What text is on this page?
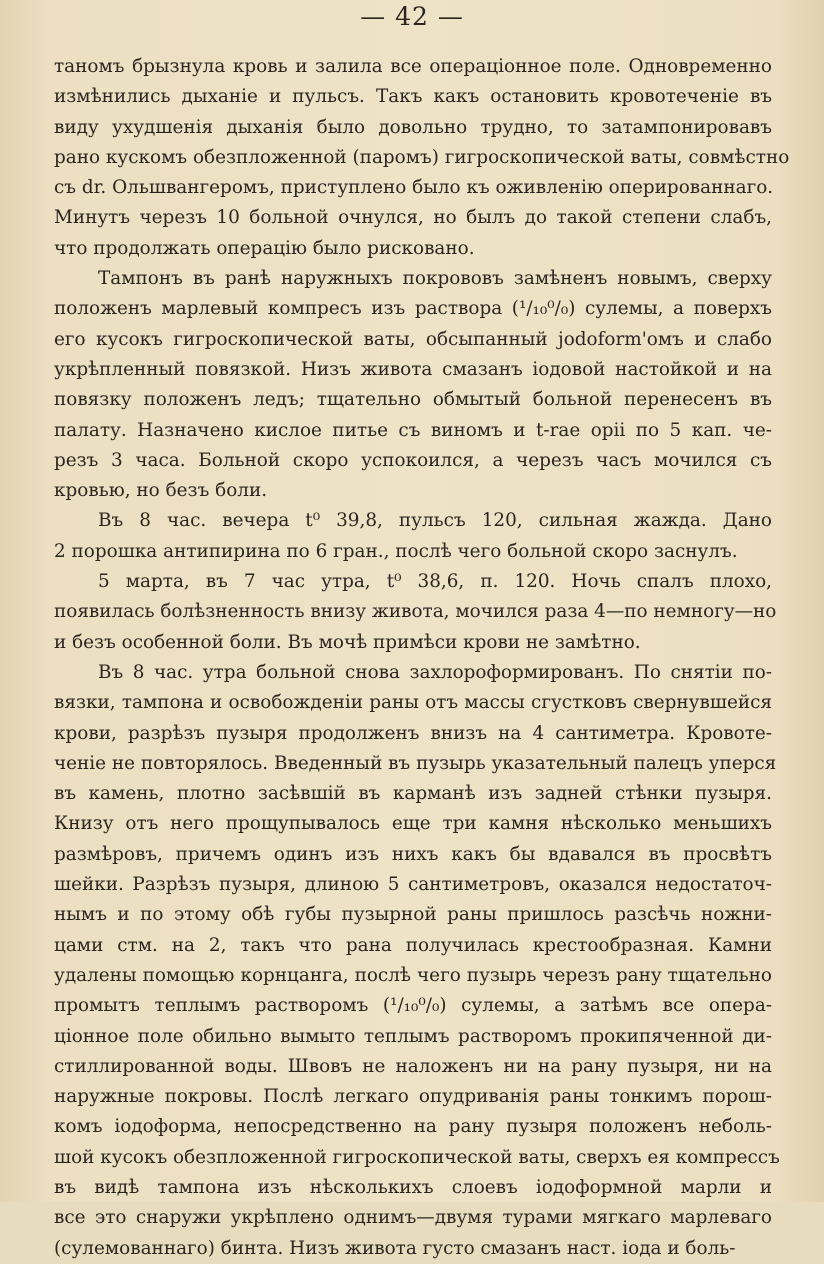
— 42 —
таномъ брызнула кровь и залила все операціонное поле. Одновременно
измѣнились дыханіе и пульсъ. Такъ какъ остановить кровотеченіе въ
виду ухудшенія дыханія было довольно трудно, то затампонировавъ
рано кускомъ обезпложенной (паромъ) гигроскопической ваты, совмѣстно
съ dr. Ольшвангеромъ, приступлено было къ оживленію оперированнаго.
Минутъ черезъ 10 больной очнулся, но былъ до такой степени слабъ,
что продолжать операцію было рисковано.
Тампонъ въ ранѣ наружныхъ покрововъ замѣненъ новымъ, сверху
положенъ марлевый компресъ изъ раствора (¹/₁₀⁰/₀) сулемы, а поверхъ
его кусокъ гигроскопической ваты, обсыпанный jodoform'омъ и слабо
укрѣпленный повязкой. Низъ живота смазанъ іодовой настойкой и на
повязку положенъ ледъ; тщательно обмытый больной перенесенъ въ
палату. Назначено кислое питье съ виномъ и t-rae opii по 5 кап. че-
резъ 3 часа. Больной скоро успокоился, а черезъ часъ мочился съ
кровью, но безъ боли.
Въ 8 час. вечера t⁰ 39,8, пульсъ 120, сильная жажда. Дано
2 порошка антипирина по 6 гран., послѣ чего больной скоро заснулъ.
5 марта, въ 7 час утра, t⁰ 38,6, п. 120. Ночь спалъ плохо,
появилась болѣзненность внизу живота, мочился раза 4—по немногу—но
и безъ особенной боли. Въ мочѣ примѣси крови не замѣтно.
Въ 8 час. утра больной снова захлороформированъ. По снятіи по-
вязки, тампона и освобожденіи раны отъ массы сгустковъ свернувшейся
крови, разрѣзъ пузыря продолженъ внизъ на 4 сантиметра. Кровоте-
ченіе не повторялось. Введенный въ пузырь указательный палецъ уперся
въ камень, плотно засѣвшій въ карманѣ изъ задней стѣнки пузыря.
Книзу отъ него прощупывалось еще три камня нѣсколько меньшихъ
размѣровъ, причемъ одинъ изъ нихъ какъ бы вдавался въ просвѣтъ
шейки. Разрѣзъ пузыря, длиною 5 сантиметровъ, оказался недостаточ-
нымъ и по этому обѣ губы пузырной раны пришлось разсѣчь ножни-
цами стм. на 2, такъ что рана получилась крестообразная. Камни
удалены помощью корнцанга, послѣ чего пузырь черезъ рану тщательно
промытъ теплымъ растворомъ (¹/₁₀⁰/₀) сулемы, а затѣмъ все опера-
ціонное поле обильно вымыто теплымъ растворомъ прокипяченной ди-
стиллированной воды. Швовъ не наложенъ ни на рану пузыря, ни на
наружные покровы. Послѣ легкаго опудриванія раны тонкимъ порош-
комъ іодоформа, непосредственно на рану пузыря положенъ неболь-
шой кусокъ обезпложенной гигроскопической ваты, сверхъ ея компрессъ
въ видѣ тампона изъ нѣсколькихъ слоевъ іодоформной марли и
все это снаружи укрѣплено однимъ—двумя турами мягкаго марлеваго
(сулемованнаго) бинта. Низъ живота густо смазанъ наст. іода и боль-
